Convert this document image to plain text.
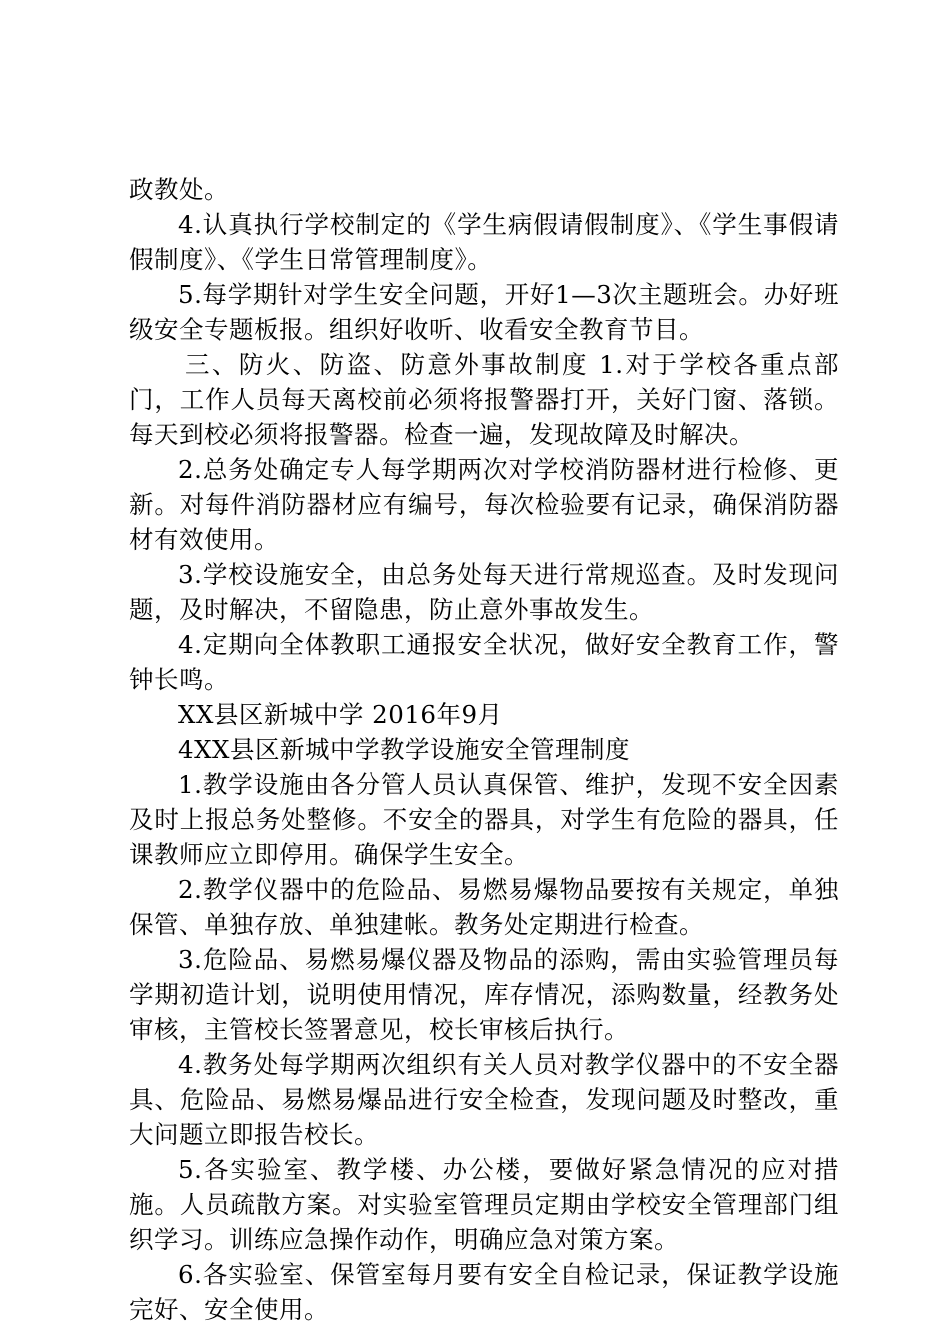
政教处。

4.认真执行学校制定的《学生病假请假制度》、《学生事假请假制度》、《学生日常管理制度》。

5.每学期针对学生安全问题，开好1—3次主题班会。办好班级安全专题板报。组织好收听、收看安全教育节目。

三、防火、防盗、防意外事故制度 1.对于学校各重点部门，工作人员每天离校前必须将报警器打开，关好门窗、落锁。每天到校必须将报警器。检查一遍，发现故障及时解决。

2.总务处确定专人每学期两次对学校消防器材进行检修、更新。对每件消防器材应有编号，每次检验要有记录，确保消防器材有效使用。

3.学校设施安全，由总务处每天进行常规巡查。及时发现问题，及时解决，不留隐患，防止意外事故发生。

4.定期向全体教职工通报安全状况，做好安全教育工作，警钟长鸣。

XX县区新城中学 2016年9月

4XX县区新城中学教学设施安全管理制度

1.教学设施由各分管人员认真保管、维护，发现不安全因素及时上报总务处整修。不安全的器具，对学生有危险的器具，任课教师应立即停用。确保学生安全。

2.教学仪器中的危险品、易燃易爆物品要按有关规定，单独保管、单独存放、单独建帐。教务处定期进行检查。

3.危险品、易燃易爆仪器及物品的添购，需由实验管理员每学期初造计划，说明使用情况，库存情况，添购数量，经教务处审核，主管校长签署意见，校长审核后执行。

4.教务处每学期两次组织有关人员对教学仪器中的不安全器具、危险品、易燃易爆品进行安全检查，发现问题及时整改，重大问题立即报告校长。

5.各实验室、教学楼、办公楼，要做好紧急情况的应对措施。人员疏散方案。对实验室管理员定期由学校安全管理部门组织学习。训练应急操作动作，明确应急对策方案。

6.各实验室、保管室每月要有安全自检记录，保证教学设施完好、安全使用。
